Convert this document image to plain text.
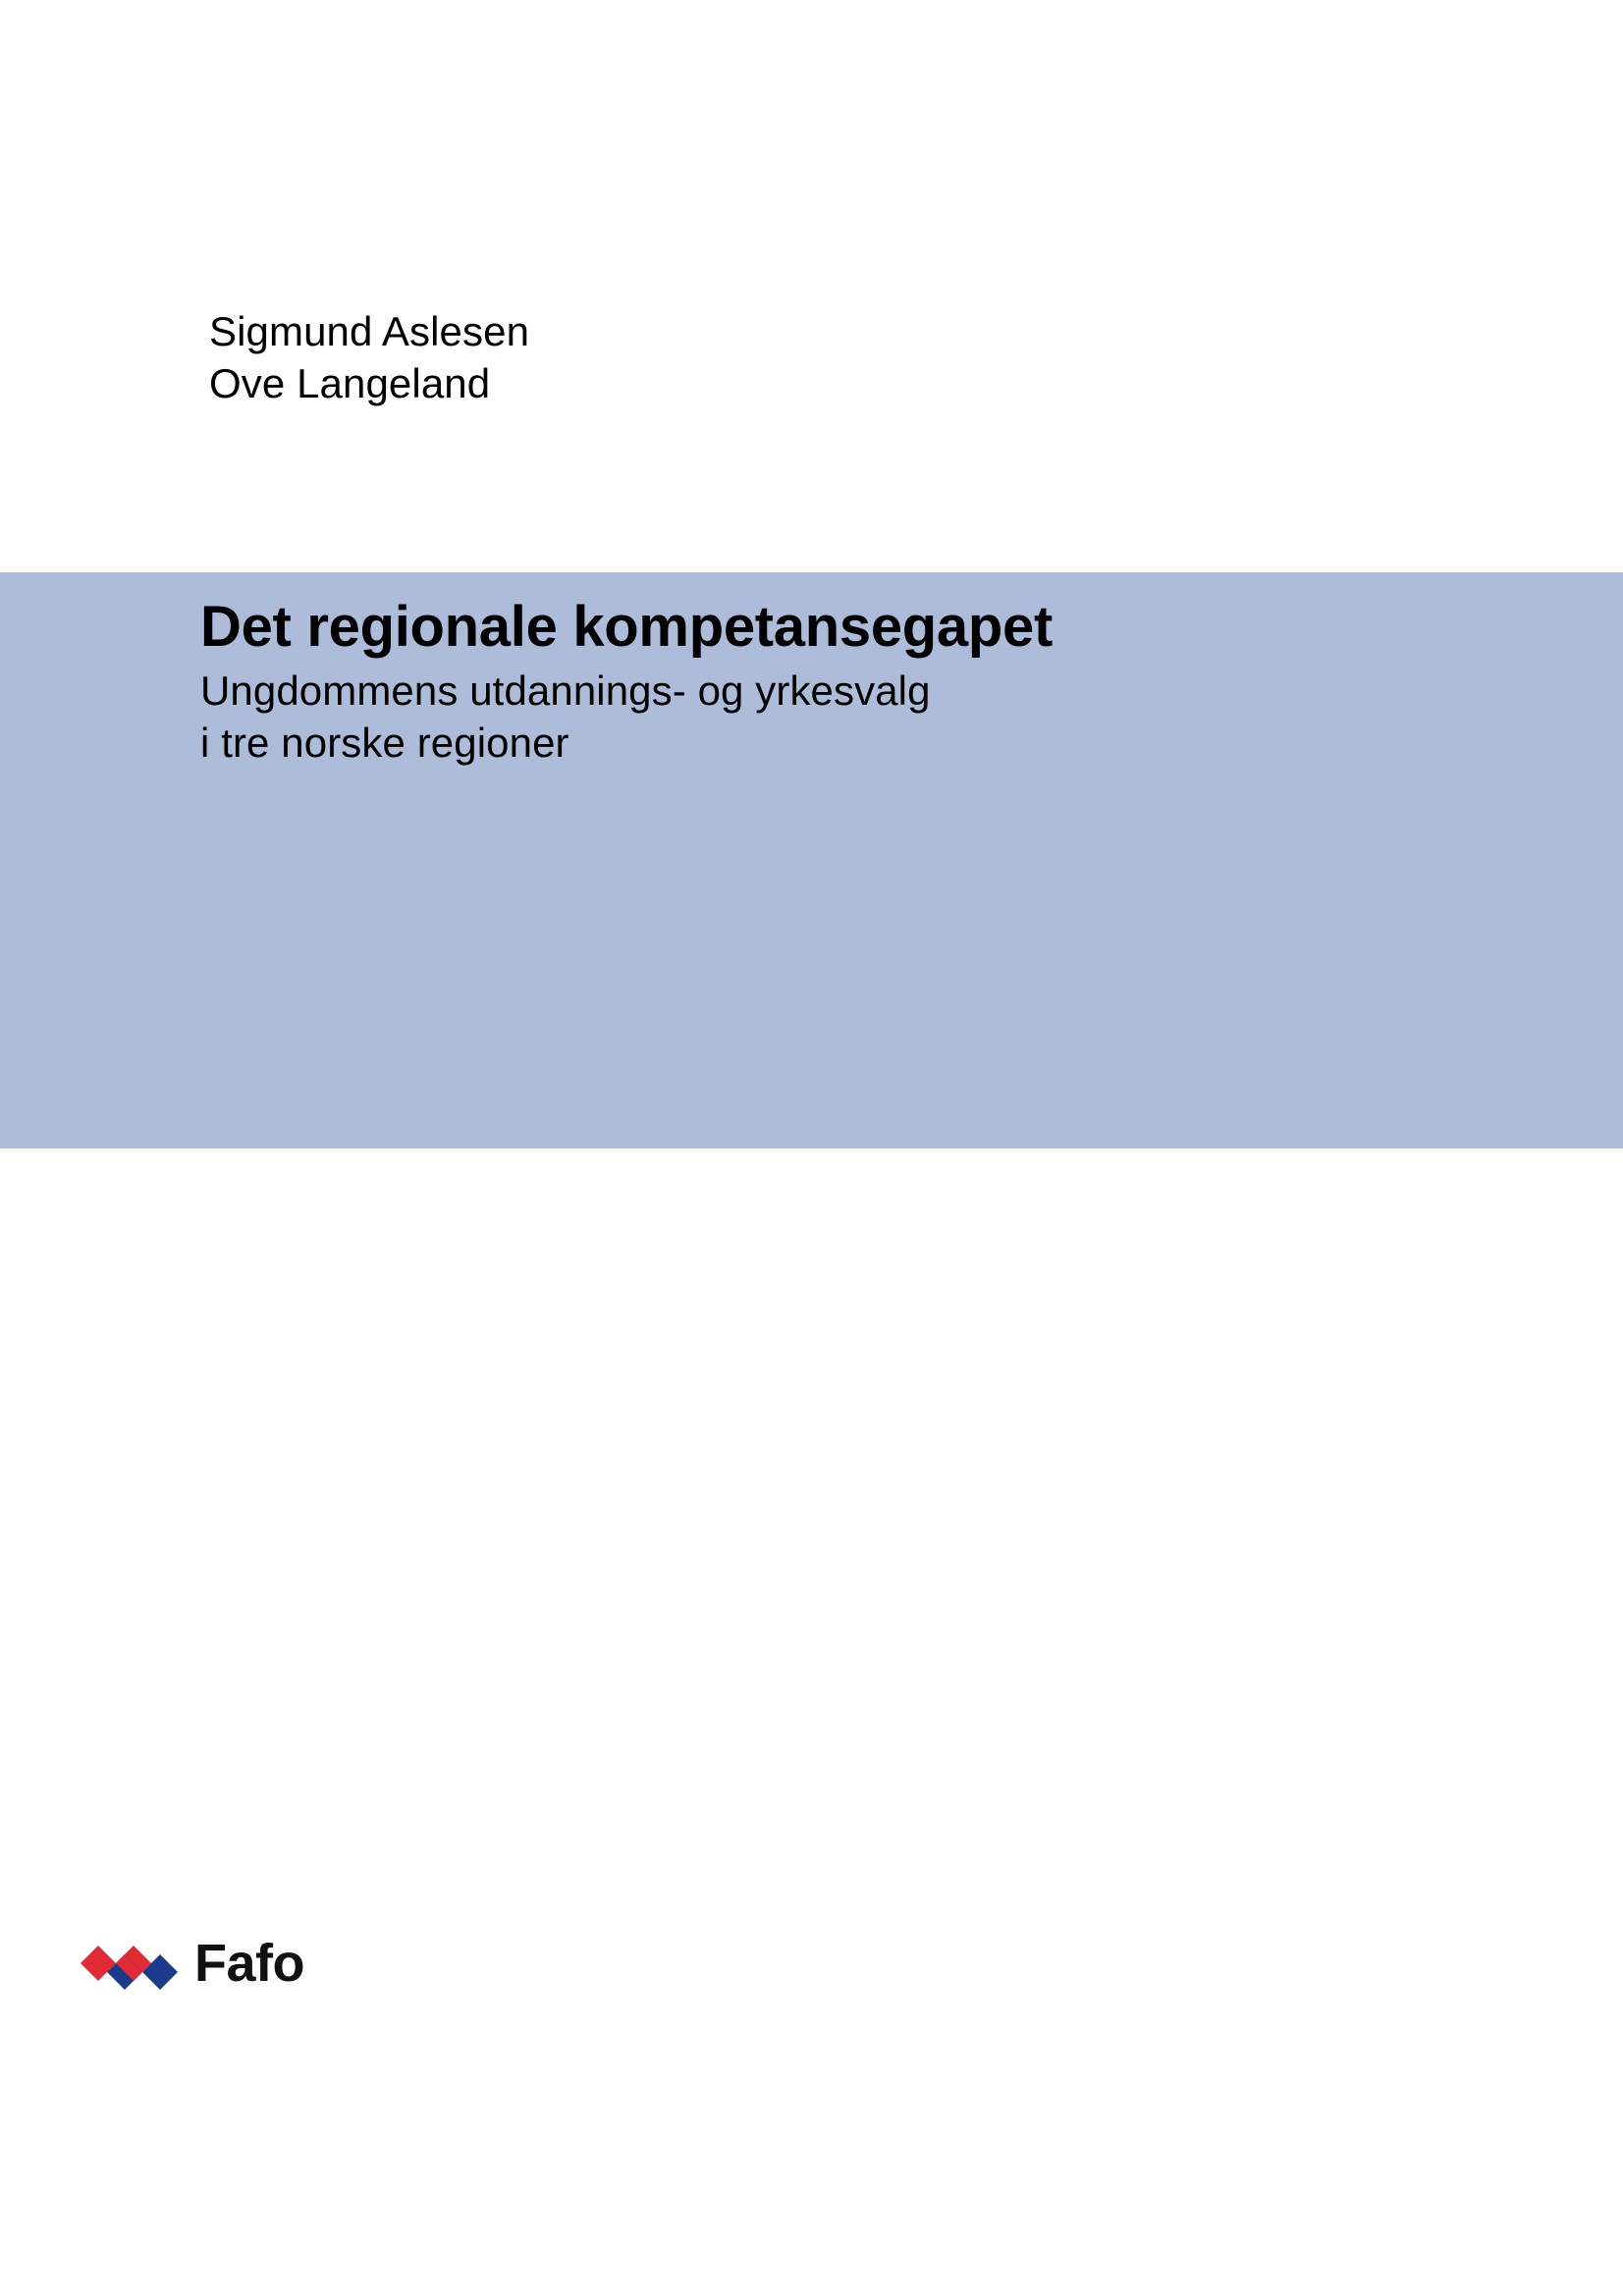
Sigmund Aslesen
Ove Langeland
Det regionale kompetansegapet
Ungdommens utdannings- og yrkesvalg
i tre norske regioner
Fafo
